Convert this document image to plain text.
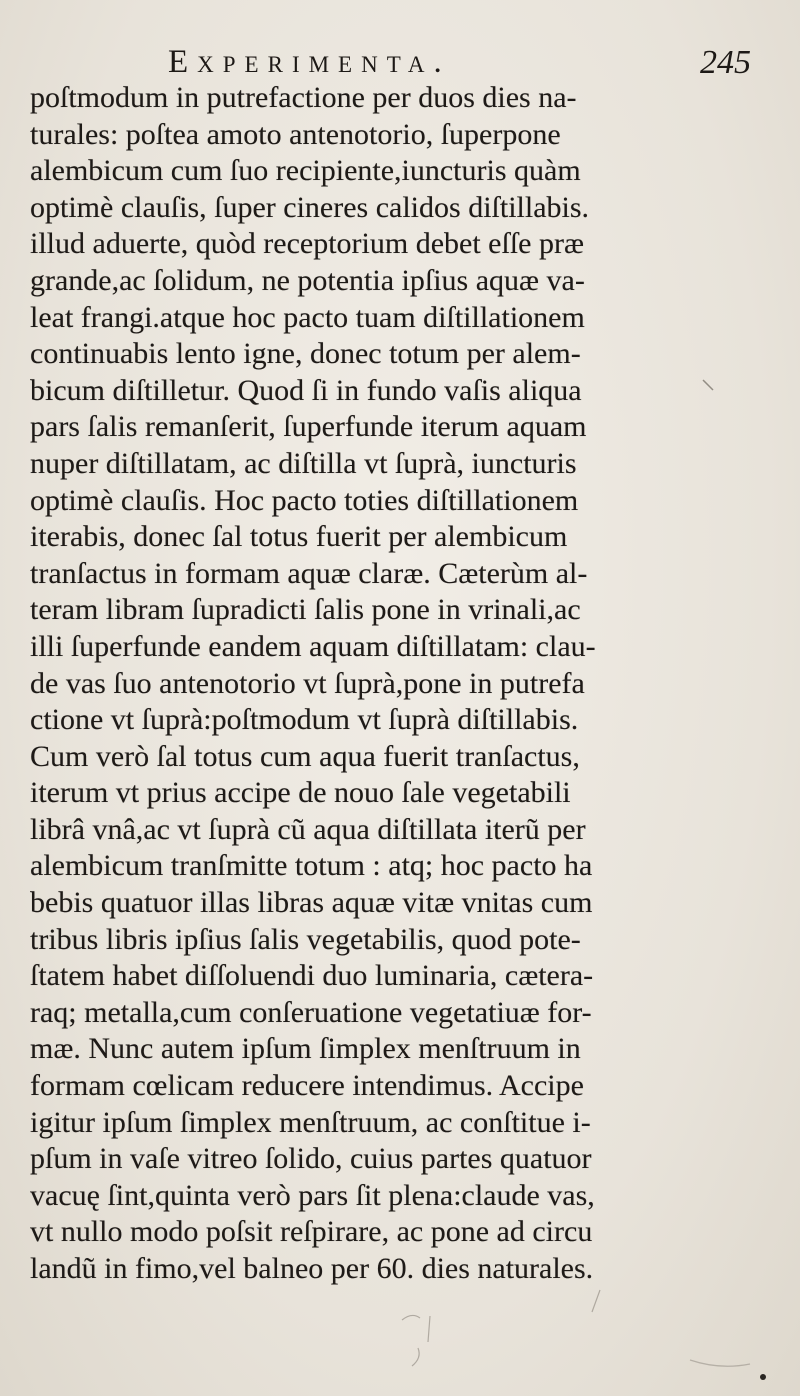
Experimenta.	245
poſtmodum in putrefactione per duos dies na-
turales: poſtea amoto antenotorio, ſuperpone
alembicum cum ſuo recipiente,iuncturis quàm
optimè clauſis, ſuper cineres calidos diſtillabis.
illud aduerte, quòd receptorium debet eſſe præ
grande,ac ſolidum, ne potentia ipſius aquæ va-
leat frangi.atque hoc pacto tuam diſtillationem
continuabis lento igne, donec totum per alem-
bicum diſtilletur. Quod ſi in fundo vaſis aliqua
pars ſalis remanſerit, ſuperfunde iterum aquam
nuper diſtillatam, ac diſtilla vt ſuprà, iuncturis
optimè clauſis. Hoc pacto toties diſtillationem
iterabis, donec ſal totus fuerit per alembicum
tranſactus in formam aquæ claræ. Cæterùm al-
teram libram ſupradicti ſalis pone in vrinali,ac
illi ſuperfunde eandem aquam diſtillatam: clau-
de vas ſuo antenotorio vt ſuprà,pone in putrefa
ctione vt ſuprà:poſtmodum vt ſuprà diſtillabis.
Cum verò ſal totus cum aqua fuerit tranſactus,
iterum vt prius accipe de nouo ſale vegetabili
librâ vnâ,ac vt ſuprà cũ aqua diſtillata iterũ per
alembicum tranſmitte totum : atq; hoc pacto ha
bebis quatuor illas libras aquæ vitæ vnitas cum
tribus libris ipſius ſalis vegetabilis, quod pote-
ſtatem habet diſſoluendi duo luminaria, cætera-
raq; metalla,cum conſeruatione vegetatiuæ for-
mæ. Nunc autem ipſum ſimplex menſtruum in
formam cœlicam reducere intendimus. Accipe
igitur ipſum ſimplex menſtruum, ac conſtitue i-
pſum in vaſe vitreo ſolido, cuius partes quatuor
vacuę ſint,quinta verò pars ſit plena:claude vas,
vt nullo modo poſsit reſpirare, ac pone ad circu
landũ in fimo,vel balneo per 60. dies naturales.
